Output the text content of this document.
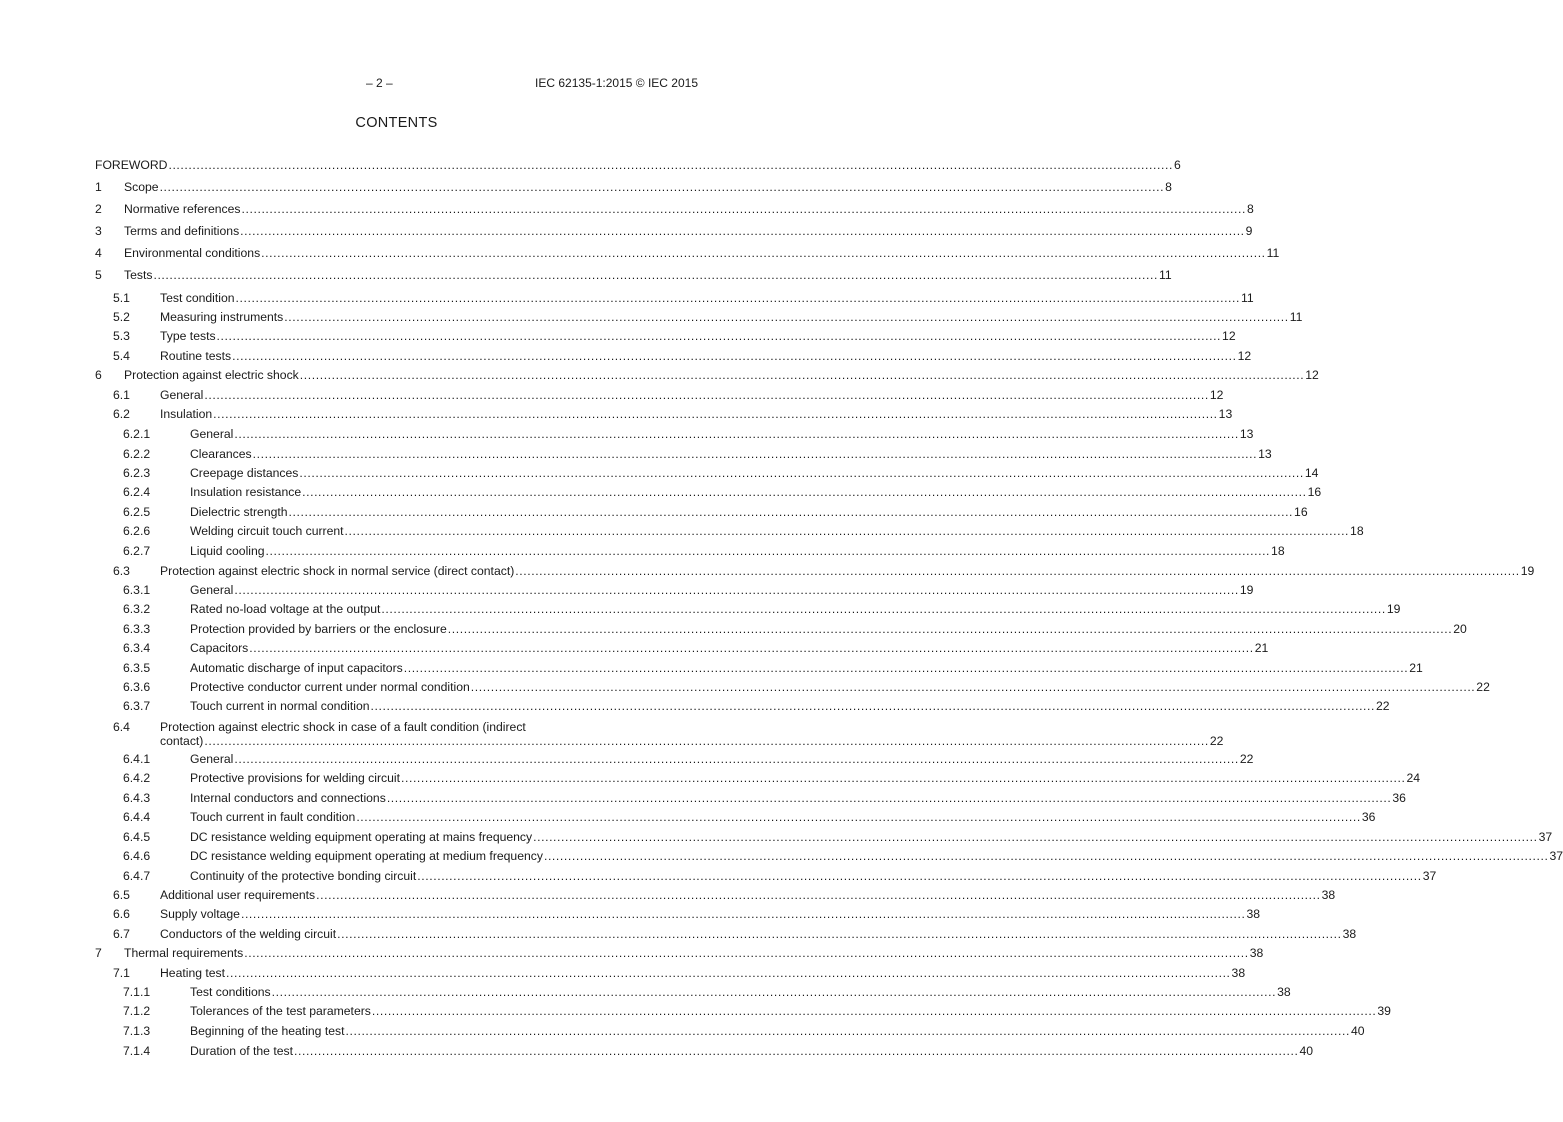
– 2 –	IEC 62135-1:2015 © IEC 2015
CONTENTS
FOREWORD ............................................................................................................................................................................................................................................................ 6
1 Scope ............................................................................................................................................................................................................................................................ 8
2 Normative references ............................................................................................................................................................................................................................................................ 8
3 Terms and definitions ............................................................................................................................................................................................................................................................ 9
4 Environmental conditions ............................................................................................................................................................................................................................................................ 11
5 Tests ............................................................................................................................................................................................................................................................ 11
5.1 Test condition ............................................................................................................................................................................................................................................................ 11
5.2 Measuring instruments ............................................................................................................................................................................................................................................................ 11
5.3 Type tests ............................................................................................................................................................................................................................................................ 12
5.4 Routine tests ............................................................................................................................................................................................................................................................ 12
6 Protection against electric shock ............................................................................................................................................................................................................................................................ 12
6.1 General ............................................................................................................................................................................................................................................................ 12
6.2 Insulation ............................................................................................................................................................................................................................................................ 13
6.2.1	General ............................................................................................................................................................................................................................................................ 13
6.2.2	Clearances ............................................................................................................................................................................................................................................................ 13
6.2.3	Creepage distances ............................................................................................................................................................................................................................................................ 14
6.2.4	Insulation resistance ............................................................................................................................................................................................................................................................ 16
6.2.5	Dielectric strength ............................................................................................................................................................................................................................................................ 16
6.2.6	Welding circuit touch current ............................................................................................................................................................................................................................................................ 18
6.2.7	Liquid cooling ............................................................................................................................................................................................................................................................ 18
6.3 Protection against electric shock in normal service (direct contact) ............................................................................................................................................................................................................................................................ 19
6.3.1	General ............................................................................................................................................................................................................................................................ 19
6.3.2	Rated no-load voltage at the output ............................................................................................................................................................................................................................................................ 19
6.3.3	Protection provided by barriers or the enclosure ............................................................................................................................................................................................................................................................ 20
6.3.4	Capacitors ............................................................................................................................................................................................................................................................ 21
6.3.5	Automatic discharge of input capacitors ............................................................................................................................................................................................................................................................ 21
6.3.6	Protective conductor current under normal condition ............................................................................................................................................................................................................................................................ 22
6.3.7	Touch current in normal condition ............................................................................................................................................................................................................................................................ 22
6.4 Protection against electric shock in case of a fault condition (indirect
contact) ............................................................................................................................................................................................................................................................ 22
6.4.1	General ............................................................................................................................................................................................................................................................ 22
6.4.2	Protective provisions for welding circuit ............................................................................................................................................................................................................................................................ 24
6.4.3	Internal conductors and connections ............................................................................................................................................................................................................................................................ 36
6.4.4	Touch current in fault condition ............................................................................................................................................................................................................................................................ 36
6.4.5	DC resistance welding equipment operating at mains frequency ............................................................................................................................................................................................................................................................ 37
6.4.6	DC resistance welding equipment operating at medium frequency ............................................................................................................................................................................................................................................................ 37
6.4.7	Continuity of the protective bonding circuit ............................................................................................................................................................................................................................................................ 37
6.5 Additional user requirements ............................................................................................................................................................................................................................................................ 38
6.6 Supply voltage ............................................................................................................................................................................................................................................................ 38
6.7 Conductors of the welding circuit ............................................................................................................................................................................................................................................................ 38
7 Thermal requirements ............................................................................................................................................................................................................................................................ 38
7.1 Heating test ............................................................................................................................................................................................................................................................ 38
7.1.1	Test conditions ............................................................................................................................................................................................................................................................ 38
7.1.2	Tolerances of the test parameters ............................................................................................................................................................................................................................................................ 39
7.1.3	Beginning of the heating test ............................................................................................................................................................................................................................................................ 40
7.1.4	Duration of the test ............................................................................................................................................................................................................................................................ 40
